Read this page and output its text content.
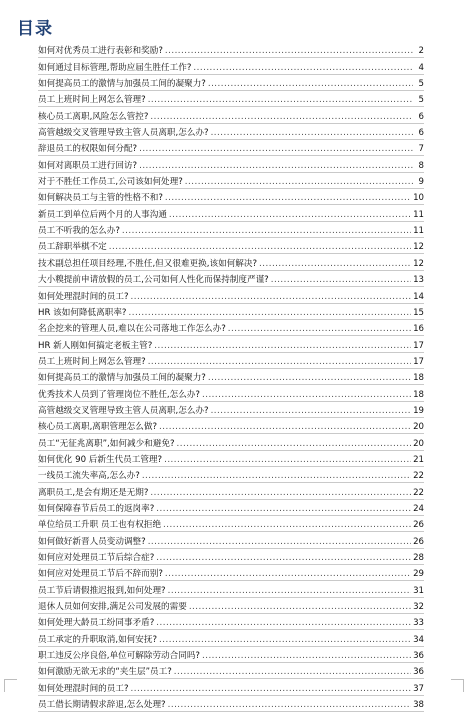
目录
如何对优秀员工进行表彰和奖励? .....	2
如何通过目标管理,帮助应届生胜任工作? .....	4
如何提高员工的激情与加强员工间的凝聚力? .....	5
员工上班时间上网怎么管理? .....	5
核心员工离职,风险怎么管控? .....	6
高管越级交叉管理导致主管人员离职,怎么办? .....	6
辞退员工的权限如何分配? .....	7
如何对离职员工进行回访? .....	8
对于不胜任工作员工,公司该如何处理? .....	9
如何解决员工与主管的性格不和? .....	10
新员工到单位后两个月的人事沟通 .....	11
员工不听我的怎么办? .....	11
员工辞职举棋不定 .....	12
技术副总担任项目经理,不胜任,但又很难更换,该如何解决? .....	12
大小糗提前申请放假的员工,公司如何人性化而保持制度严谨? .....	13
如何处理混时间的员工? .....	14
HR 该如何降低离职率? .....	15
名企挖来的管理人员,难以在公司落地工作怎么办? .....	16
HR 新人刚如何搞定老板主管? .....	17
员工上班时间上网怎么管理? .....	17
如何提高员工的激情与加强员工间的凝聚力? .....	18
优秀技术人员到了管理岗位不胜任,怎么办? .....	18
高管越级交叉管理导致主管人员离职,怎么办? .....	19
核心员工离职,离职管理怎么做? .....	20
员工“无征兆离职”,如何减少和避免? .....	20
如何优化 90 后新生代员工管理? .....	21
一线员工流失率高,怎么办? .....	22
离职员工,是会有期还是无期? .....	22
如何保障春节后员工的返岗率? .....	24
单位给员工升职 员工也有权拒绝 .....	26
如何做好新晋人员变动调整? .....	26
如何应对处理员工节后综合症? .....	28
如何应对处理员工节后不辞而别? .....	29
员工节后请假推迟报到,如何处理? .....	31
退休人员如何安排,满足公司发展的需要 .....	32
如何处理大龄员工纷同事矛盾? .....	33
员工承定的升职取消,如何安抚? .....	34
职工违反公序良俗,单位可解除劳动合同吗? .....	36
如何激励无欲无求的“夹生层”员工? .....	36
如何处理混时间的员工? .....	37
员工借长期请假求辞退,怎么处理? .....	38
